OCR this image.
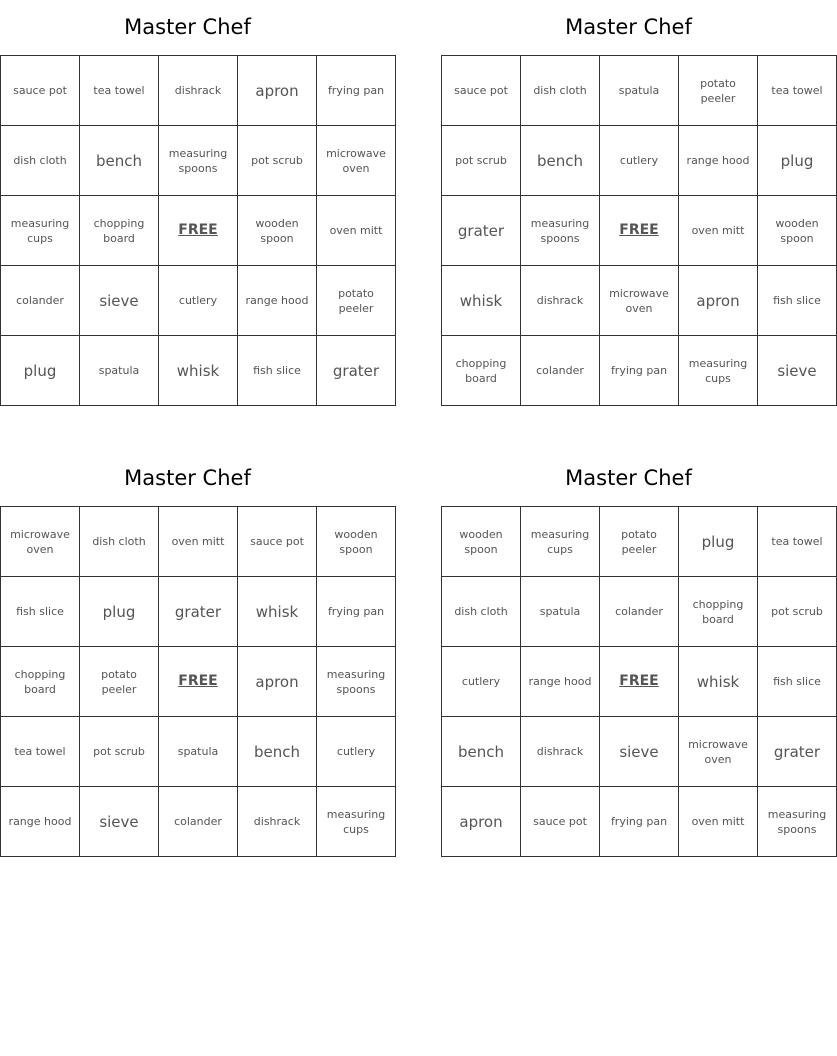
Master Chef
sauce pot	tea towel	dishrack	apron	frying pan
dish cloth	bench	measuring spoons	pot scrub	microwave oven
measuring cups	chopping board	FREE	wooden spoon	oven mitt
colander	sieve	cutlery	range hood	potato peeler
plug	spatula	whisk	fish slice	grater
Master Chef
sauce pot	dish cloth	spatula	potato peeler	tea towel
pot scrub	bench	cutlery	range hood	plug
grater	measuring spoons	FREE	oven mitt	wooden spoon
whisk	dishrack	microwave oven	apron	fish slice
chopping board	colander	frying pan	measuring cups	sieve
Master Chef
microwave oven	dish cloth	oven mitt	sauce pot	wooden spoon
fish slice	plug	grater	whisk	frying pan
chopping board	potato peeler	FREE	apron	measuring spoons
tea towel	pot scrub	spatula	bench	cutlery
range hood	sieve	colander	dishrack	measuring cups
Master Chef
wooden spoon	measuring cups	potato peeler	plug	tea towel
dish cloth	spatula	colander	chopping board	pot scrub
cutlery	range hood	FREE	whisk	fish slice
bench	dishrack	sieve	microwave oven	grater
apron	sauce pot	frying pan	oven mitt	measuring spoons
